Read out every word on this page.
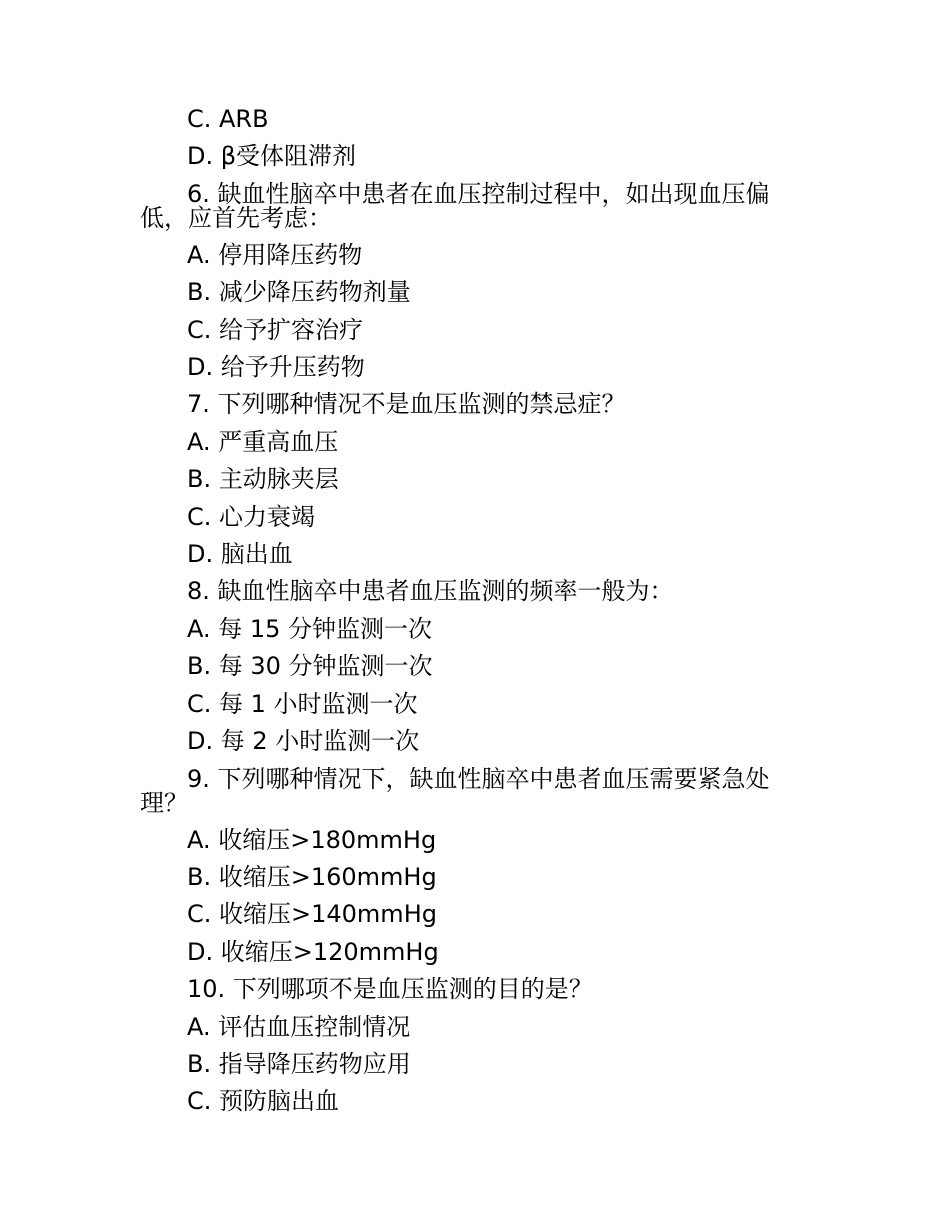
C. ARB
D. β受体阻滞剂
6. 缺血性脑卒中患者在血压控制过程中，如出现血压偏
低，应首先考虑：
A. 停用降压药物
B. 减少降压药物剂量
C. 给予扩容治疗
D. 给予升压药物
7. 下列哪种情况不是血压监测的禁忌症？
A. 严重高血压
B. 主动脉夹层
C. 心力衰竭
D. 脑出血
8. 缺血性脑卒中患者血压监测的频率一般为：
A. 每 15 分钟监测一次
B. 每 30 分钟监测一次
C. 每 1 小时监测一次
D. 每 2 小时监测一次
9. 下列哪种情况下，缺血性脑卒中患者血压需要紧急处
理？
A. 收缩压>180mmHg
B. 收缩压>160mmHg
C. 收缩压>140mmHg
D. 收缩压>120mmHg
10. 下列哪项不是血压监测的目的是？
A. 评估血压控制情况
B. 指导降压药物应用
C. 预防脑出血
